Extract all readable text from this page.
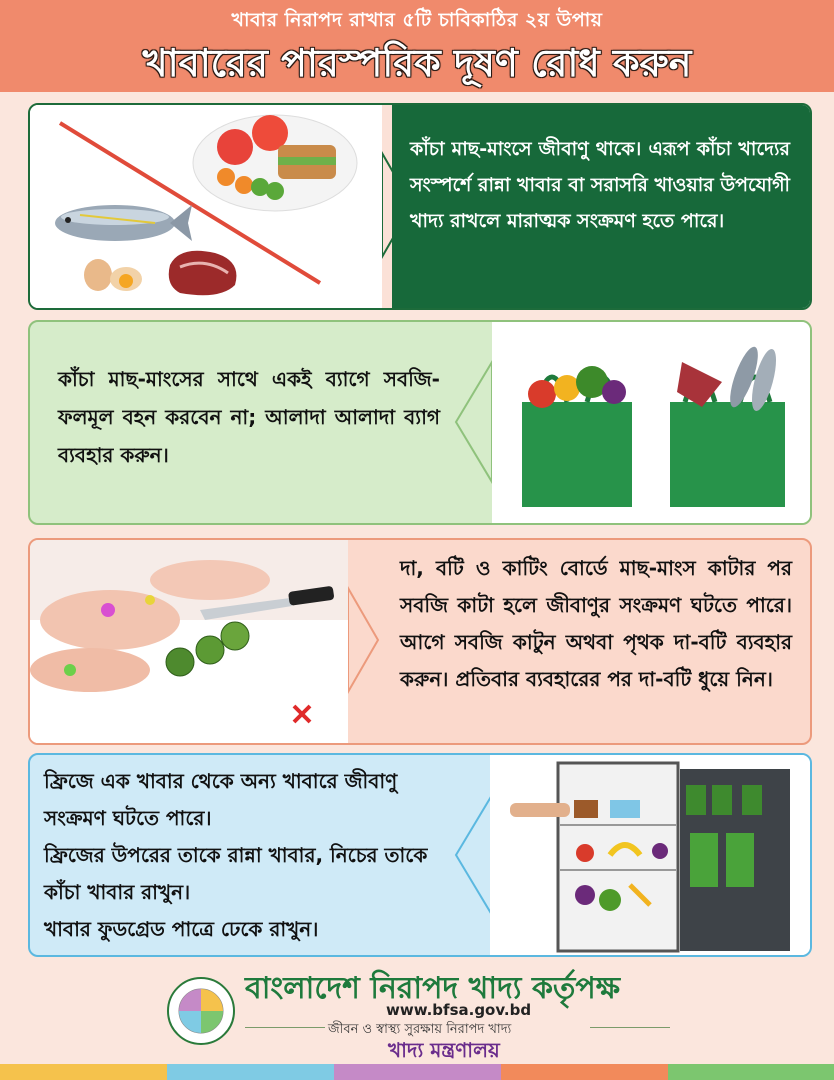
খাবার নিরাপদ রাখার ৫টি চাবিকাঠির ২য় উপায়
খাবারের পারস্পরিক দূষণ রোধ করুন
কাঁচা মাছ-মাংসে জীবাণু থাকে। এরূপ কাঁচা খাদ্যের সংস্পর্শে রান্না খাবার বা সরাসরি খাওয়ার উপযোগী খাদ্য রাখলে মারাত্মক সংক্রমণ হতে পারে।
কাঁচা মাছ-মাংসের সাথে একই ব্যাগে সবজি-ফলমূল বহন করবেন না; আলাদা আলাদা ব্যাগ ব্যবহার করুন।
দা, বটি ও কাটিং বোর্ডে মাছ-মাংস কাটার পর সবজি কাটা হলে জীবাণুর সংক্রমণ ঘটতে পারে। আগে সবজি কাটুন অথবা পৃথক দা-বটি ব্যবহার করুন। প্রতিবার ব্যবহারের পর দা-বটি ধুয়ে নিন।
ফ্রিজে এক খাবার থেকে অন্য খাবারে জীবাণু সংক্রমণ ঘটতে পারে।
ফ্রিজের উপরের তাকে রান্না খাবার, নিচের তাকে কাঁচা খাবার রাখুন।
খাবার ফুডগ্রেড পাত্রে ঢেকে রাখুন।
বাংলাদেশ নিরাপদ খাদ্য কর্তৃপক্ষ
www.bfsa.gov.bd
জীবন ও স্বাস্থ্য সুরক্ষায় নিরাপদ খাদ্য
খাদ্য মন্ত্রণালয়
